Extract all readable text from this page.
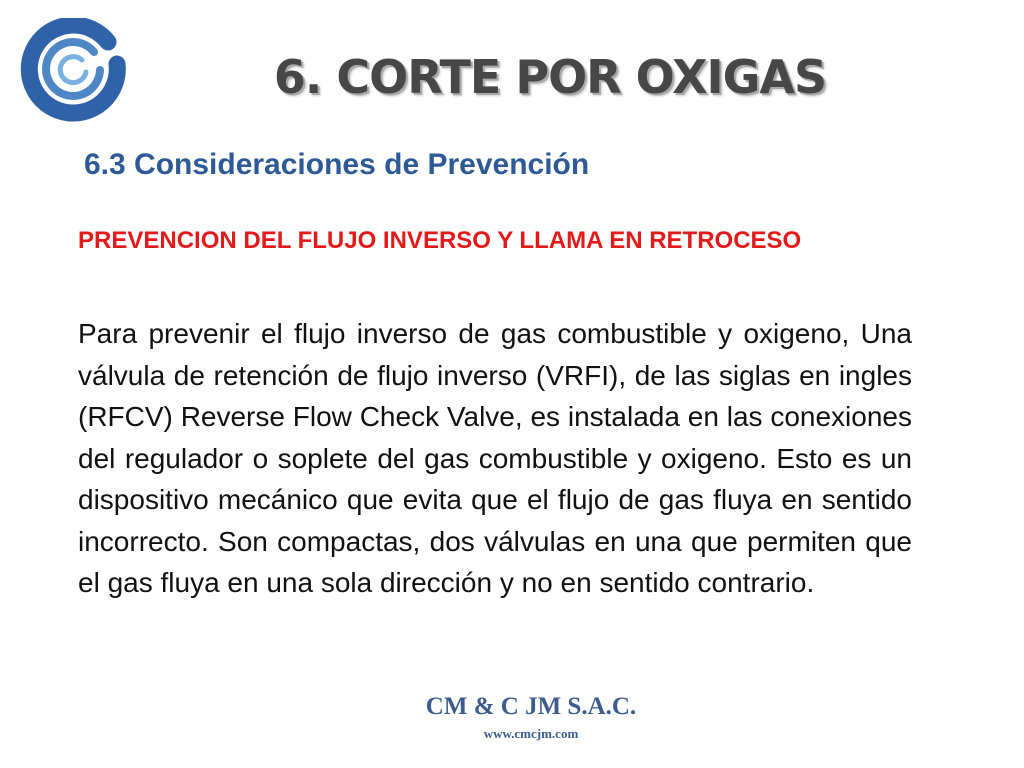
6. CORTE POR OXIGAS
6.3 Consideraciones de Prevención
PREVENCION DEL FLUJO INVERSO Y LLAMA EN RETROCESO
Para prevenir el flujo inverso de gas combustible y oxigeno, Una válvula de retención de flujo inverso (VRFI), de las siglas en ingles (RFCV) Reverse Flow Check Valve, es instalada en las conexiones del regulador o soplete del gas combustible y oxigeno. Esto es un dispositivo mecánico que evita que el flujo de gas fluya en sentido incorrecto. Son compactas, dos válvulas en una que permiten que el gas fluya en una sola dirección y no en sentido contrario.
CM & C JM S.A.C.
www.cmcjm.com
